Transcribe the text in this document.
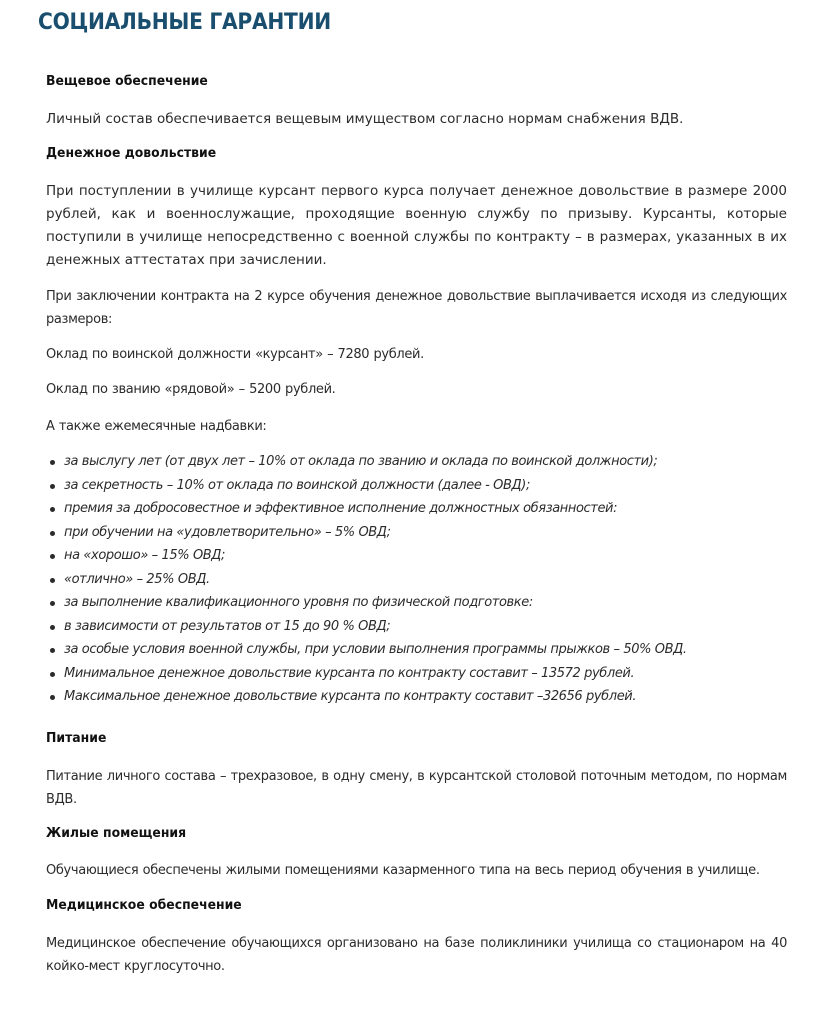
СОЦИАЛЬНЫЕ ГАРАНТИИ
Вещевое обеспечение

Личный состав обеспечивается вещевым имуществом согласно нормам снабжения ВДВ.

Денежное довольствие

При поступлении в училище курсант первого курса получает денежное довольствие в размере 2000 рублей, как и военнослужащие, проходящие военную службу по призыву. Курсанты, которые поступили в училище непосредственно с военной службы по контракту – в размерах, указанных в их денежных аттестатах при зачислении.

При заключении контракта на 2 курсе обучения денежное довольствие выплачивается исходя из следующих размеров:

Оклад по воинской должности «курсант» – 7280 рублей.

Оклад по званию «рядовой» – 5200 рублей.

А также ежемесячные надбавки:

за выслугу лет (от двух лет – 10% от оклада по званию и оклада по воинской должности);
за секретность – 10% от оклада по воинской должности (далее - ОВД);
премия за добросовестное и эффективное исполнение должностных обязанностей:
при обучении на «удовлетворительно» – 5% ОВД;
на «хорошо» – 15% ОВД;
«отлично» – 25% ОВД.
за выполнение квалификационного уровня по физической подготовке:
в зависимости от результатов от 15 до 90 % ОВД;
за особые условия военной службы, при условии выполнения программы прыжков – 50% ОВД.
Минимальное денежное довольствие курсанта по контракту составит – 13572 рублей.
Максимальное денежное довольствие курсанта по контракту составит –32656 рублей.
Питание

Питание личного состава – трехразовое, в одну смену, в курсантской столовой поточным методом, по нормам ВДВ.

Жилые помещения

Обучающиеся обеспечены жилыми помещениями казарменного типа на весь период обучения в училище.

Медицинское обеспечение

Медицинское обеспечение обучающихся организовано на базе поликлиники училища со стационаром на 40 койко-мест круглосуточно.
